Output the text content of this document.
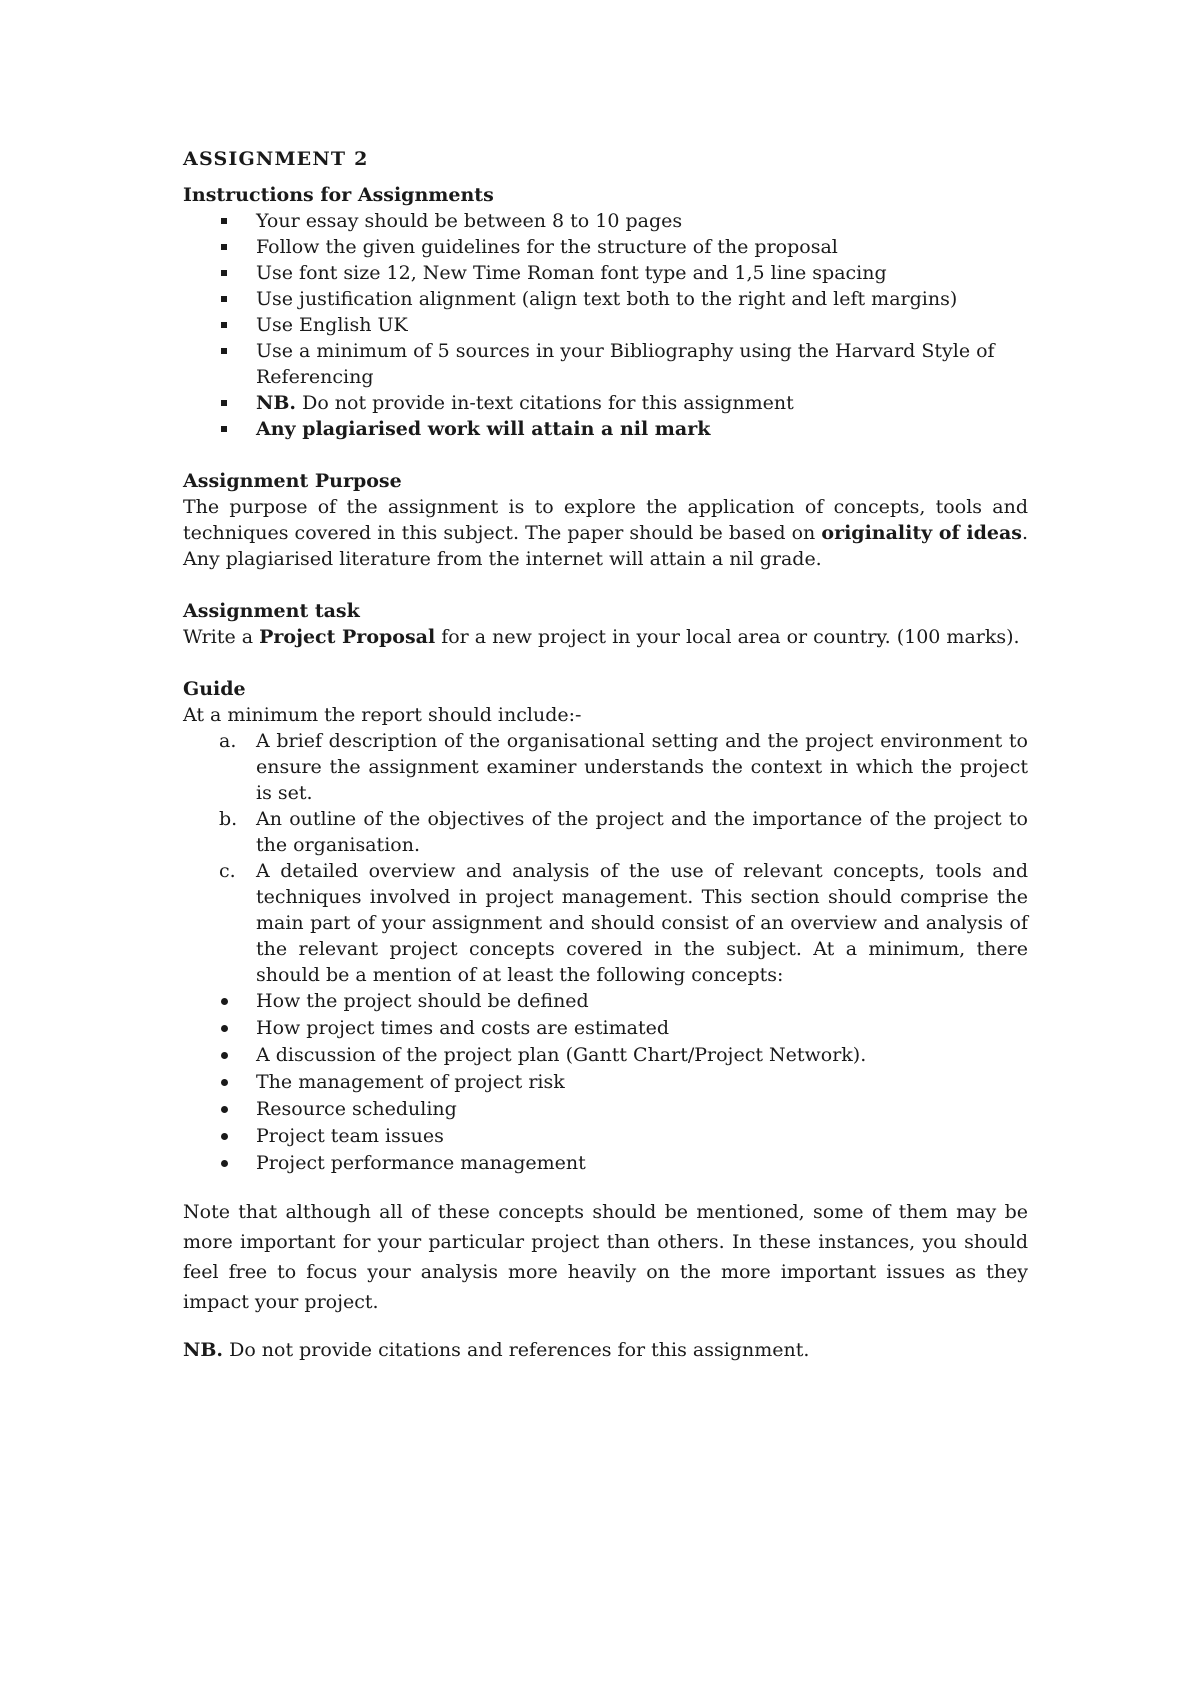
ASSIGNMENT 2

Instructions for Assignments

Your essay should be between 8 to 10 pages
Follow the given guidelines for the structure of the proposal
Use font size 12, New Time Roman font type and 1,5 line spacing
Use justification alignment (align text both to the right and left margins)
Use English UK
Use a minimum of 5 sources in your Bibliography using the Harvard Style of Referencing
NB. Do not provide in-text citations for this assignment
Any plagiarised work will attain a nil mark

Assignment Purpose

The purpose of the assignment is to explore the application of concepts, tools and techniques covered in this subject. The paper should be based on originality of ideas. Any plagiarised literature from the internet will attain a nil grade.

Assignment task

Write a Project Proposal for a new project in your local area or country. (100 marks).

Guide

At a minimum the report should include:-

a. A brief description of the organisational setting and the project environment to ensure the assignment examiner understands the context in which the project is set.
b. An outline of the objectives of the project and the importance of the project to the organisation.
c. A detailed overview and analysis of the use of relevant concepts, tools and techniques involved in project management. This section should comprise the main part of your assignment and should consist of an overview and analysis of the relevant project concepts covered in the subject. At a minimum, there should be a mention of at least the following concepts:
How the project should be defined
How project times and costs are estimated
A discussion of the project plan (Gantt Chart/Project Network).
The management of project risk
Resource scheduling
Project team issues
Project performance management

Note that although all of these concepts should be mentioned, some of them may be more important for your particular project than others. In these instances, you should feel free to focus your analysis more heavily on the more important issues as they impact your project.

NB. Do not provide citations and references for this assignment.
